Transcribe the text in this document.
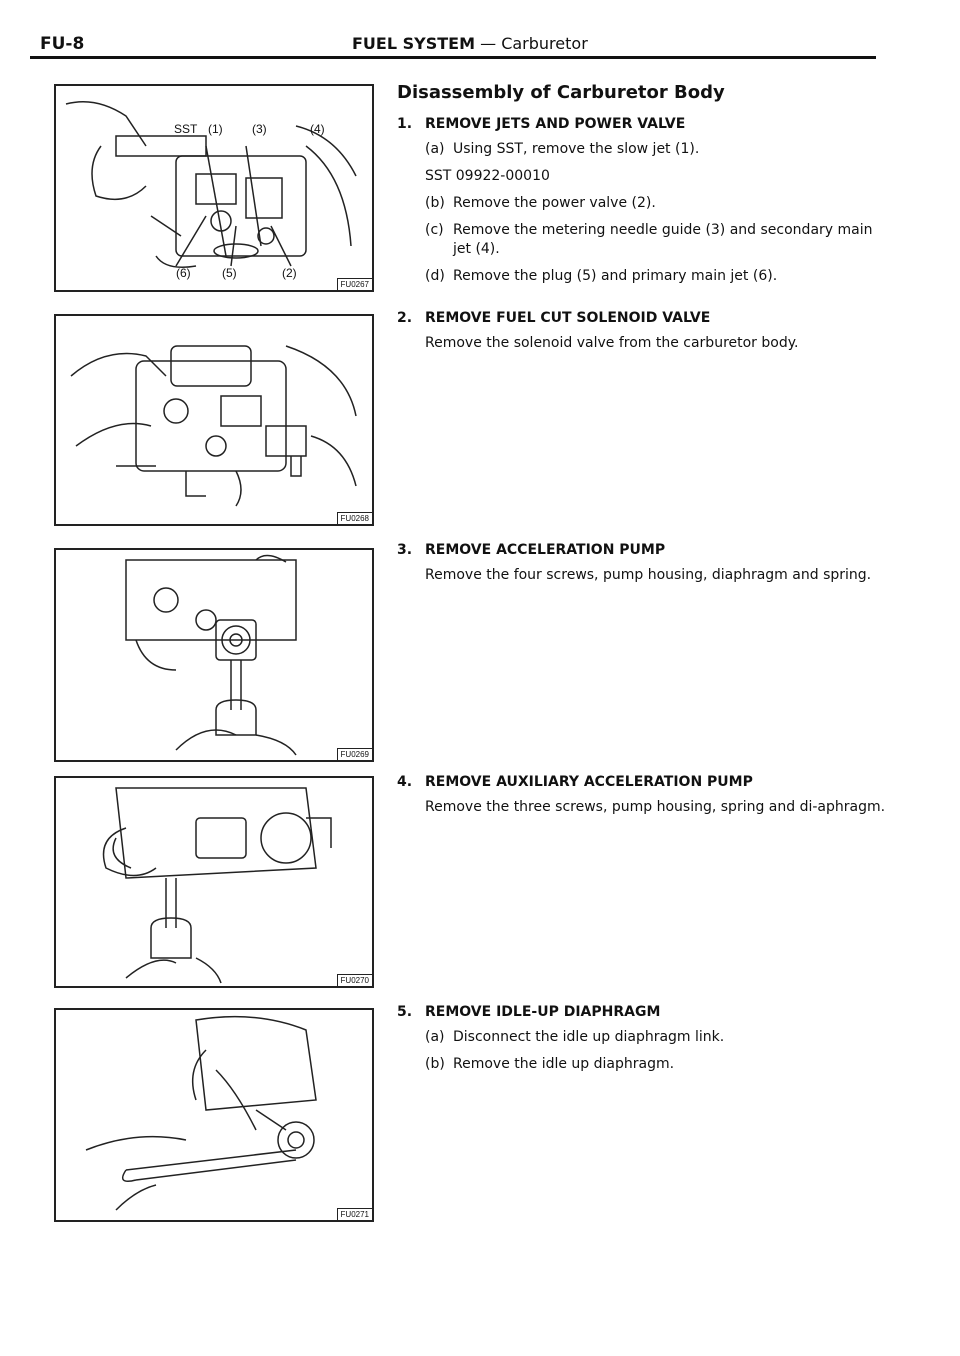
FU-8	FUEL SYSTEM — Carburetor
SST (1) (3)	(4)
(6)	(5)	(2)
FU0267
FU0268
FU0269
FU0270
FU0271
Disassembly of Carburetor Body
1. REMOVE JETS AND POWER VALVE
(a) Using SST, remove the slow jet (1).
SST 09922-00010
(b) Remove the power valve (2).
(c) Remove the metering needle guide (3) and secondary main jet (4).
(d) Remove the plug (5) and primary main jet (6).
2. REMOVE FUEL CUT SOLENOID VALVE
Remove the solenoid valve from the carburetor body.
3. REMOVE ACCELERATION PUMP
Remove the four screws, pump housing, diaphragm and spring.
4. REMOVE AUXILIARY ACCELERATION PUMP
Remove the three screws, pump housing, spring and di-aphragm.
5. REMOVE IDLE-UP DIAPHRAGM
(a) Disconnect the idle up diaphragm link.
(b) Remove the idle up diaphragm.
